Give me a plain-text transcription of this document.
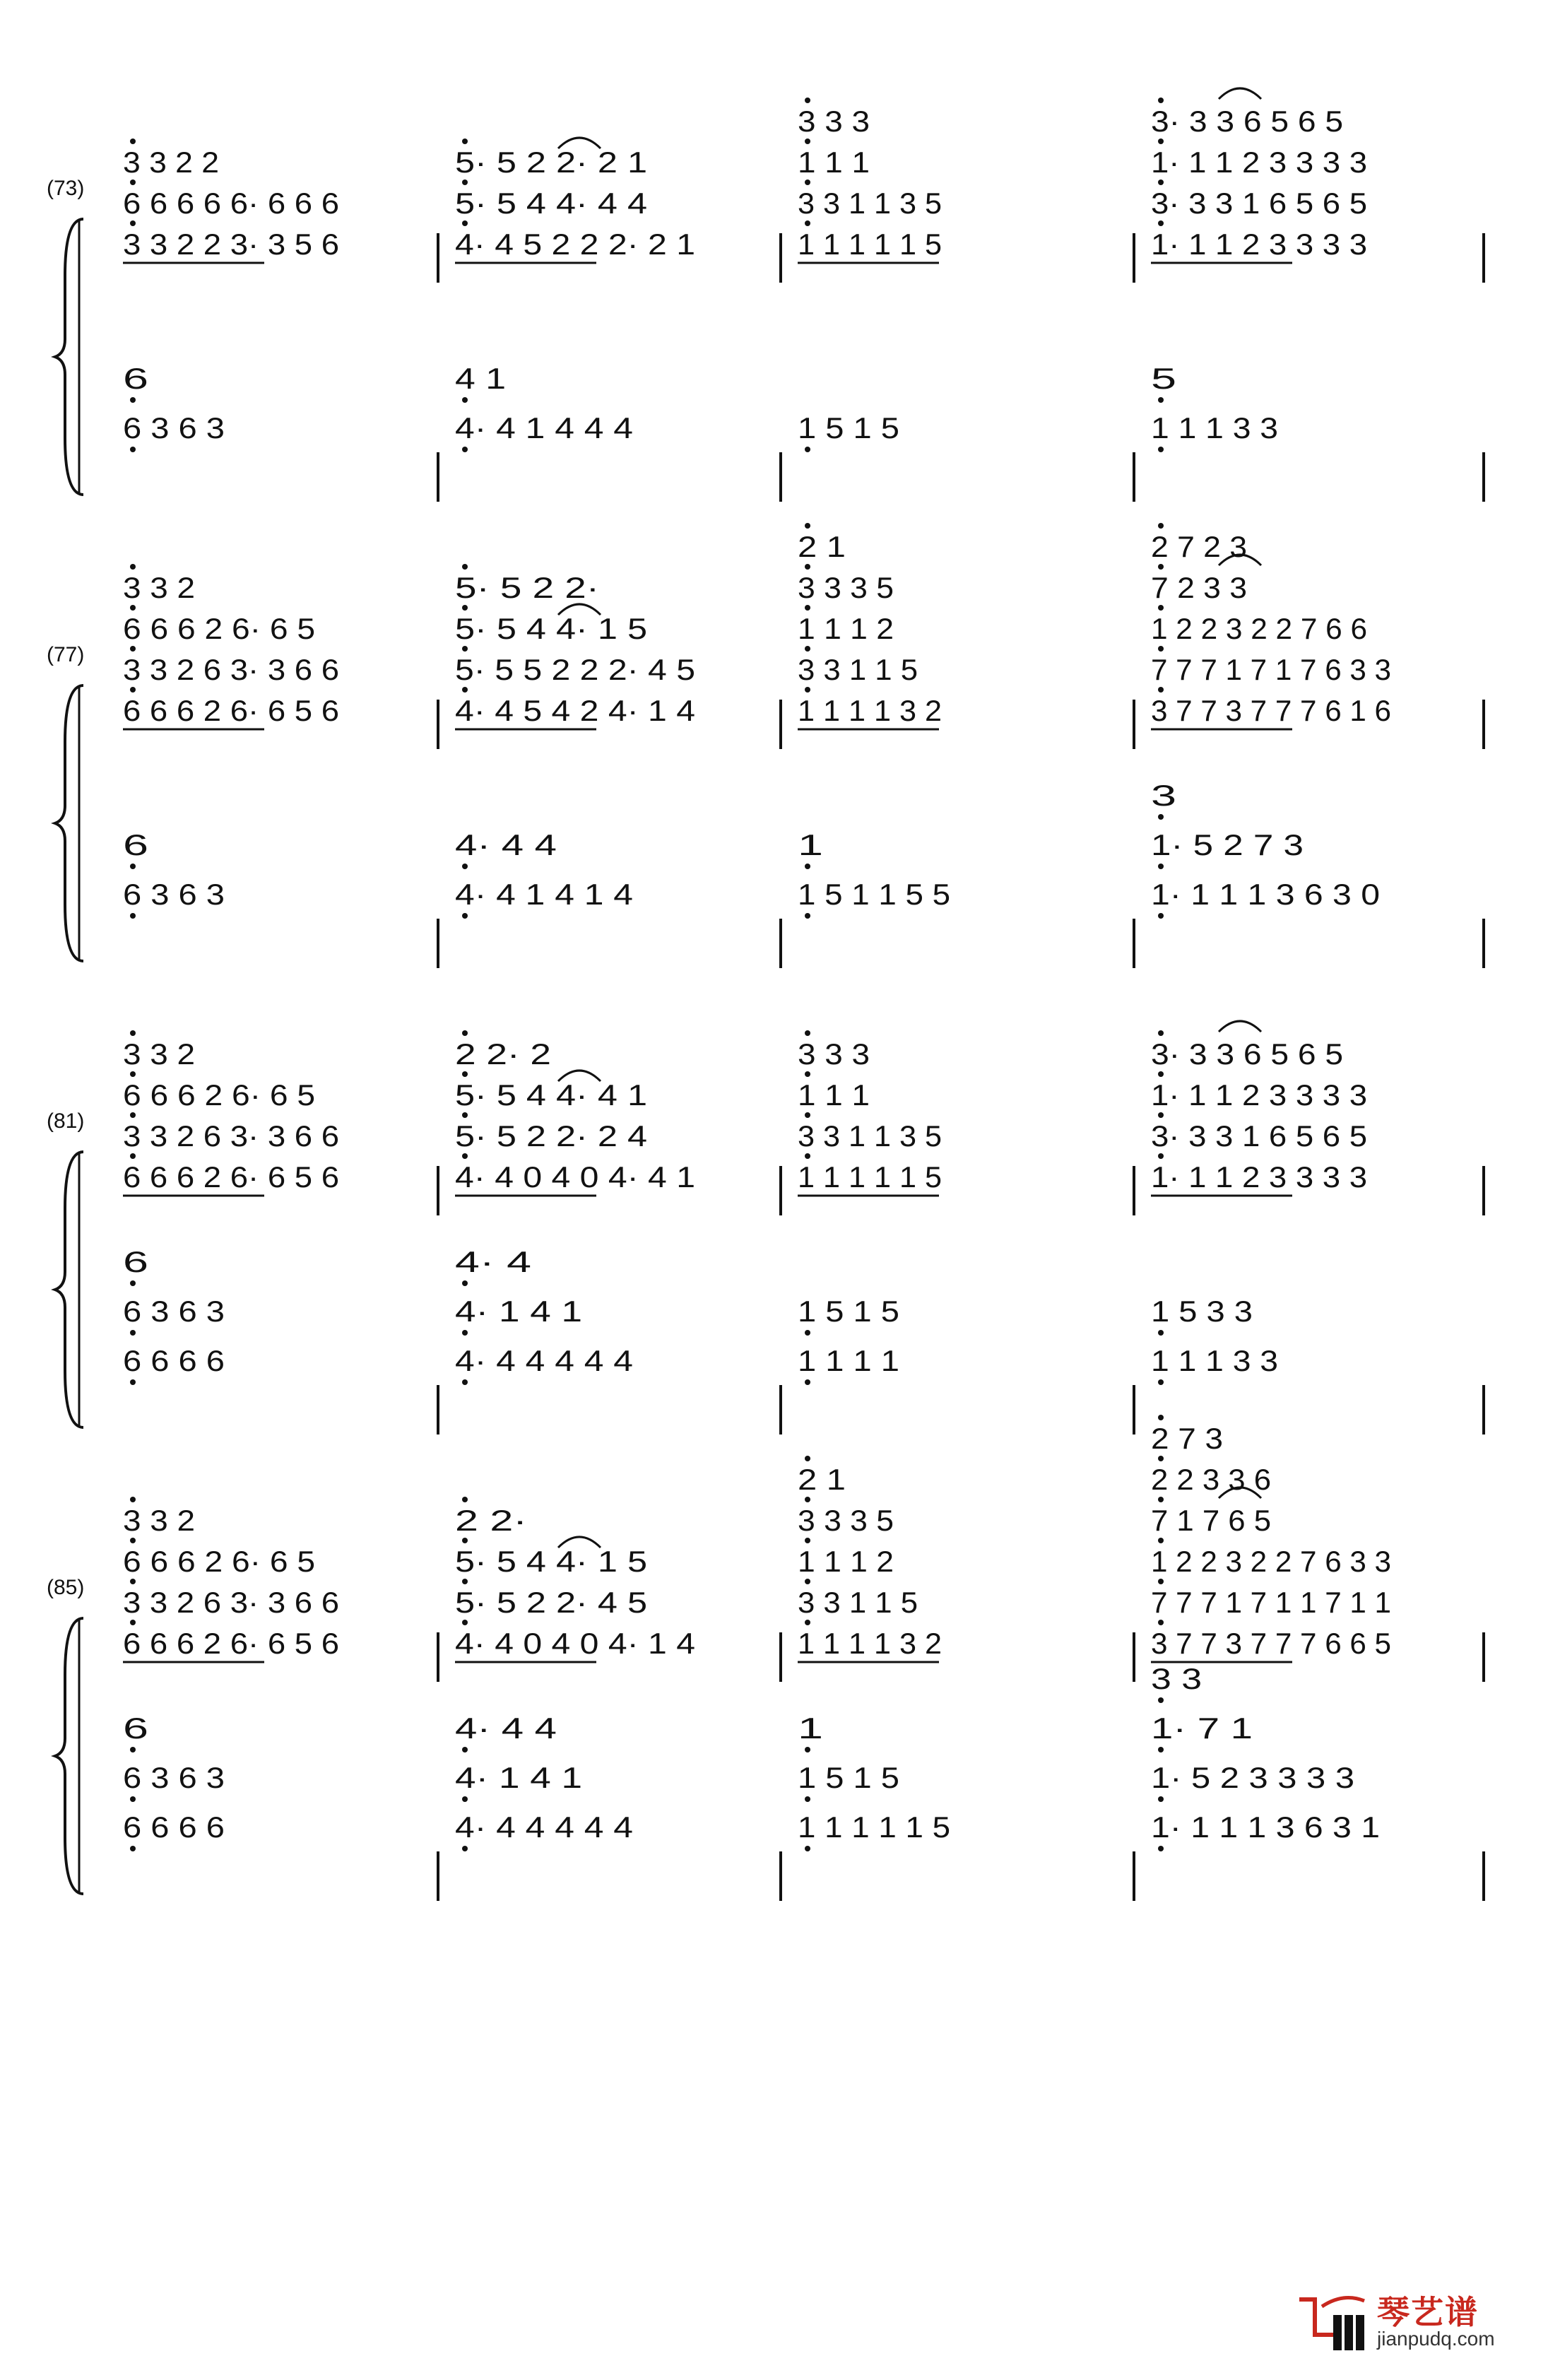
3 3 2 2
6 6 6 6 6· 6 6 6
3 3 2 2 3· 3 5 6
5· 5 2 2· 2 1
5· 5 4 4· 4 4
4· 4 5 2 2 2· 2 1
3 3 3
1 1 1
3 3 1 1 3 5
1 1 1 1 1 5
3· 3 3 6 5 6 5
1· 1 1 2 3 3 3 3
3· 3 3 1 6 5 6 5
1· 1 1 2 3 3 3 3
6
6 3 6 3
4 1
4· 4 1 4 4 4	1 5 1 5
5
1 1 1 3 3
3 3 2
6 6 6 2 6· 6 5
3 3 2 6 3· 3 6 6
6 6 6 2 6· 6 5 6
5· 5 2 2·
5· 5 4 4· 1 5
5· 5 5 2 2 2· 4 5
4· 4 5 4 2 4· 1 4
2 1
3 3 3 5
1 1 1 2
3 3 1 1 5
1 1 1 1 3 2
2 7 2 3
7 2 3 3
1 2 2 3 2 2 7 6 6
7 7 7 1 7 1 7 6 3 3
3 7 7 3 7 7 7 6 1 6
6
6 3 6 3
4· 4 4
4· 4 1 4 1 4
1
1 5 1 1 5 5
3
1· 5 2 7 3
1· 1 1 1 3 6 3 0
3 3 2
6 6 6 2 6· 6 5
3 3 2 6 3· 3 6 6
6 6 6 2 6· 6 5 6
2 2· 2
5· 5 4 4· 4 1
5· 5 2 2· 2 4
4· 4 0 4 0 4· 4 1
3 3 3
1 1 1
3 3 1 1 3 5
1 1 1 1 1 5
3· 3 3 6 5 6 5
1· 1 1 2 3 3 3 3
3· 3 3 1 6 5 6 5
1· 1 1 2 3 3 3 3
6
6 3 6 3
6 6 6 6
4· 4
4· 1 4 1
4· 4 4 4 4 4
1 5 1 5
1 1 1 1
1 5 3 3
1 1 1 3 3
3 3 2
6 6 6 2 6· 6 5
3 3 2 6 3· 3 6 6
6 6 6 2 6· 6 5 6
2 2·
5· 5 4 4· 1 5
5· 5 2 2· 4 5
4· 4 0 4 0 4· 1 4
2 1
3 3 3 5
1 1 1 2
3 3 1 1 5
1 1 1 1 3 2
2 7 3
2 2 3 3 6
7 1 7 6 5
1 2 2 3 2 2 7 6 3 3
7 7 7 1 7 1 1 7 1 1
3 7 7 3 7 7 7 6 6 5
6
6 3 6 3
6 6 6 6
4· 4 4
4· 1 4 1
4· 4 4 4 4 4
1
1 5 1 5
1 1 1 1 1 5
3 3
1· 7 1
1· 5 2 3 3 3 3
1· 1 1 1 3 6 3 1
(73)
(77)
(81)
(85)
琴艺谱
jianpudq.com
